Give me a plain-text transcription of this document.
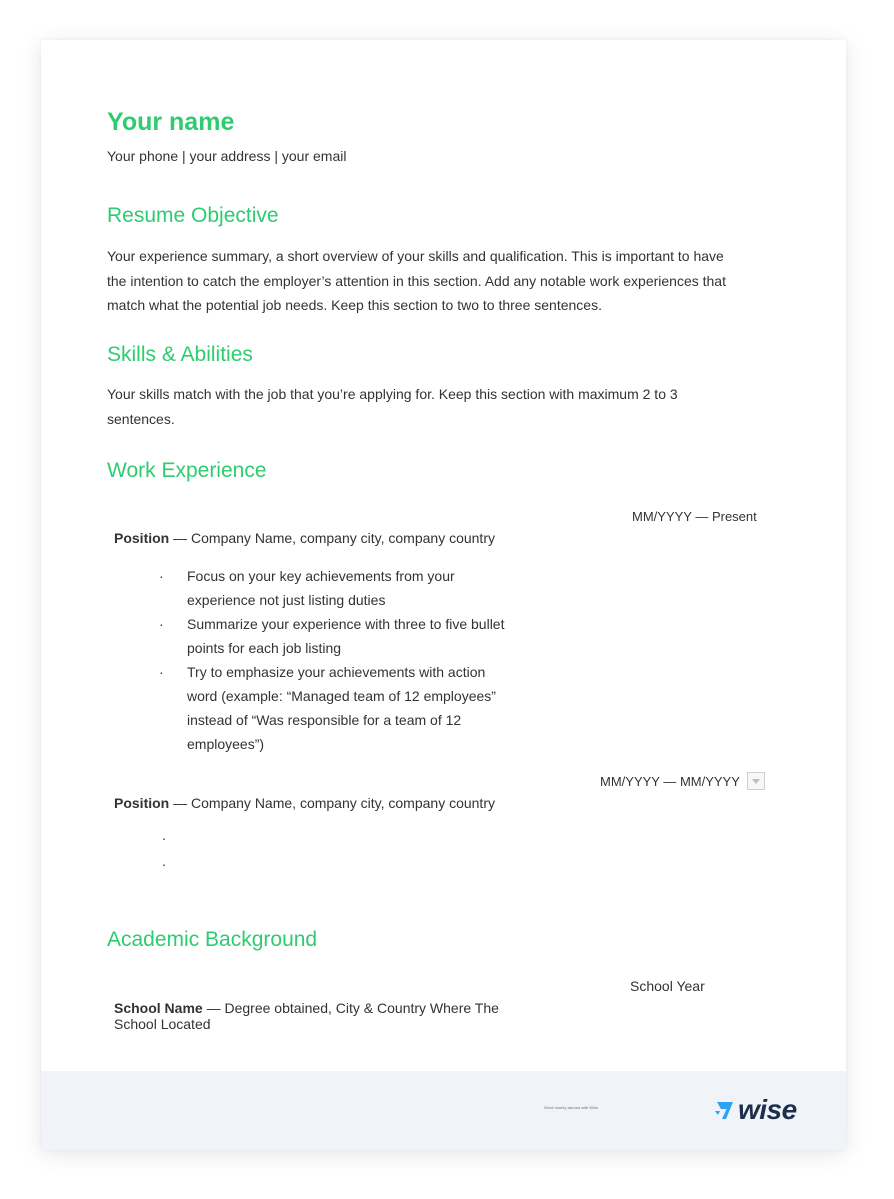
Your name
Your phone | your address | your email
Resume Objective
Your experience summary, a short overview of your skills and qualification. This is important to have
the intention to catch the employer’s attention in this section. Add any notable work experiences that
match what the potential job needs. Keep this section to two to three sentences.
Skills & Abilities
Your skills match with the job that you’re applying for. Keep this section with maximum 2 to 3
sentences.
Work Experience
MM/YYYY — Present
Position — Company Name, company city, company country
·	Focus on your key achievements from your
experience not just listing duties
·	Summarize your experience with three to five bullet
points for each job listing
·	Try to emphasize your achievements with action
word (example: “Managed team of 12 employees”
instead of “Was responsible for a team of 12
employees”)
MM/YYYY — MM/YYYY
Position — Company Name, company city, company country
.
.
Academic Background
School Year
School Name — Degree obtained, City & Country Where The
School Located
Send money abroad with Wise	wise
